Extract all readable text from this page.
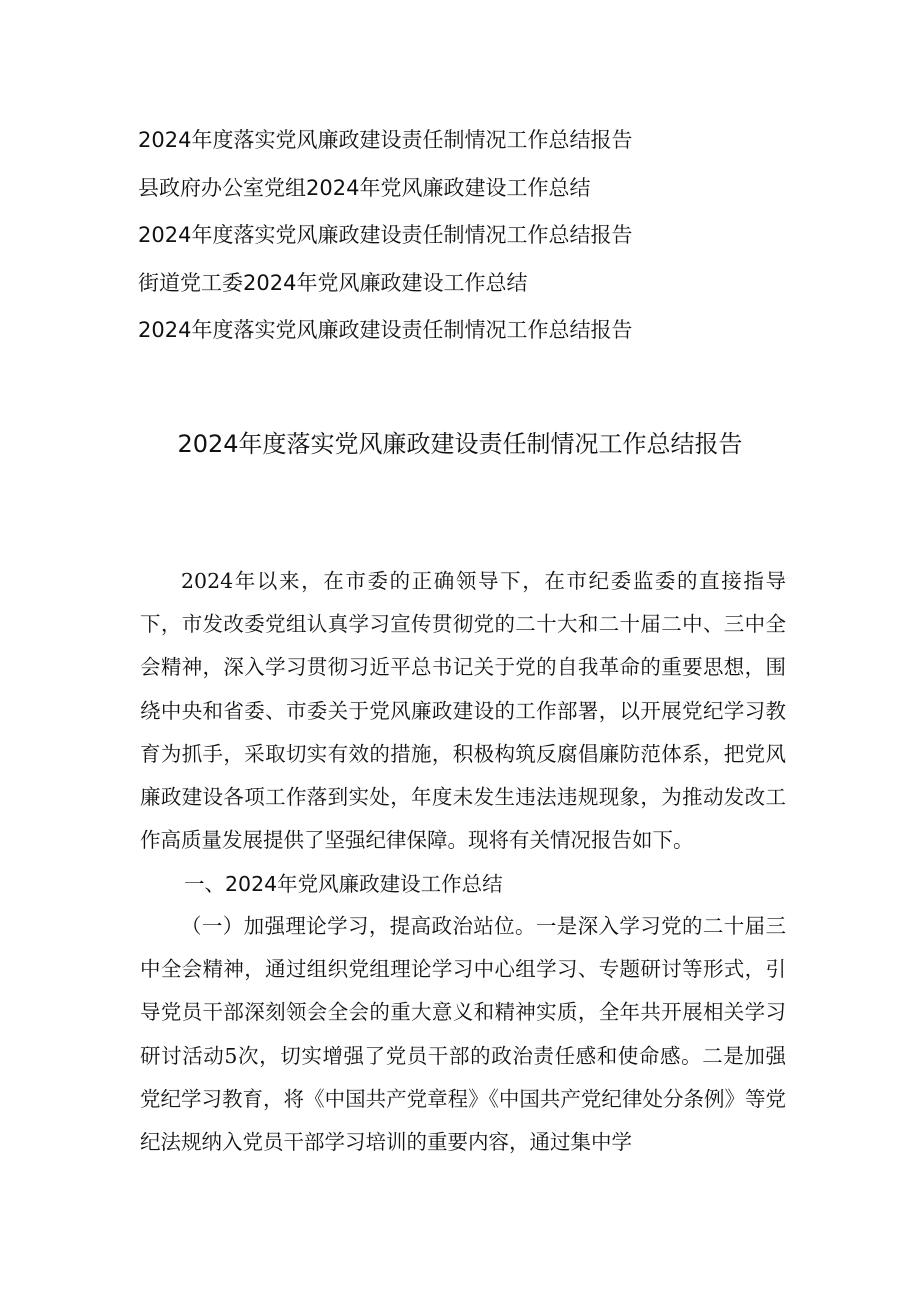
2024年度落实党风廉政建设责任制情况工作总结报告
县政府办公室党组2024年党风廉政建设工作总结
2024年度落实党风廉政建设责任制情况工作总结报告
街道党工委2024年党风廉政建设工作总结
2024年度落实党风廉政建设责任制情况工作总结报告
2024年度落实党风廉政建设责任制情况工作总结报告

2024年以来，在市委的正确领导下，在市纪委监委的直接指导下，市发改委党组认真学习宣传贯彻党的二十大和二十届二中、三中全会精神，深入学习贯彻习近平总书记关于党的自我革命的重要思想，围绕中央和省委、市委关于党风廉政建设的工作部署，以开展党纪学习教育为抓手，采取切实有效的措施，积极构筑反腐倡廉防范体系，把党风廉政建设各项工作落到实处，年度未发生违法违规现象，为推动发改工作高质量发展提供了坚强纪律保障。现将有关情况报告如下。

一、2024年党风廉政建设工作总结

（一）加强理论学习，提高政治站位。一是深入学习党的二十届三中全会精神，通过组织党组理论学习中心组学习、专题研讨等形式，引导党员干部深刻领会全会的重大意义和精神实质，全年共开展相关学习研讨活动5次，切实增强了党员干部的政治责任感和使命感。二是加强党纪学习教育，将《中国共产党章程》《中国共产党纪律处分条例》等党纪法规纳入党员干部学习培训的重要内容，通过集中学
